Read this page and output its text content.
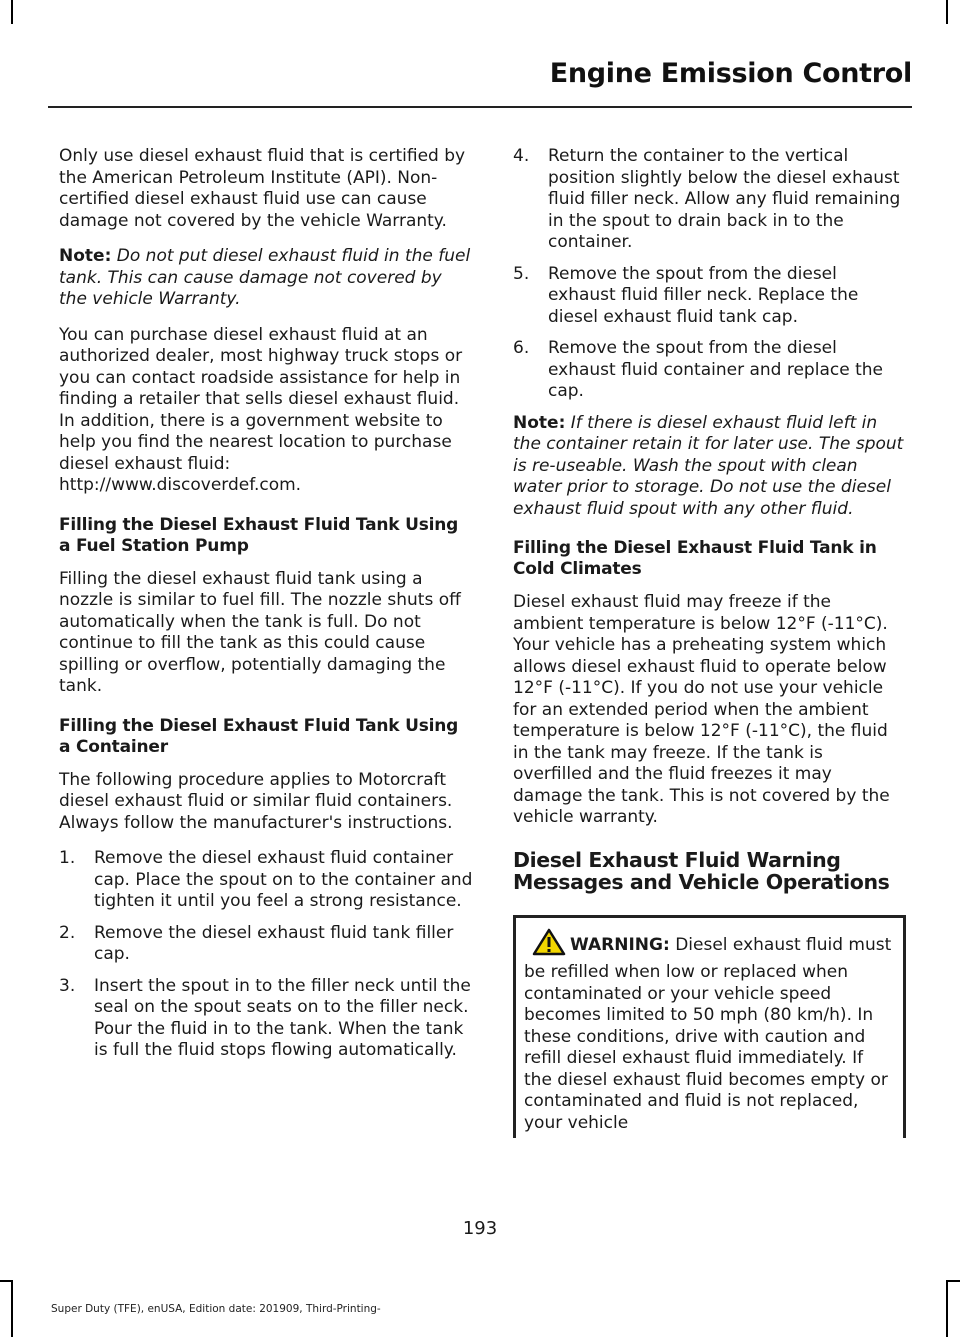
Engine Emission Control

Only use diesel exhaust fluid that is certified by the American Petroleum Institute (API). Non-certified diesel exhaust fluid use can cause damage not covered by the vehicle Warranty.

Note: Do not put diesel exhaust fluid in the fuel tank. This can cause damage not covered by the vehicle Warranty.

You can purchase diesel exhaust fluid at an authorized dealer, most highway truck stops or you can contact roadside assistance for help in finding a retailer that sells diesel exhaust fluid. In addition, there is a government website to help you find the nearest location to purchase diesel exhaust fluid:
http://www.discoverdef.com.

Filling the Diesel Exhaust Fluid Tank Using a Fuel Station Pump

Filling the diesel exhaust fluid tank using a nozzle is similar to fuel fill. The nozzle shuts off automatically when the tank is full. Do not continue to fill the tank as this could cause spilling or overflow, potentially damaging the tank.

Filling the Diesel Exhaust Fluid Tank Using a Container

The following procedure applies to Motorcraft diesel exhaust fluid or similar fluid containers. Always follow the manufacturer's instructions.

1.	Remove the diesel exhaust fluid container cap. Place the spout on to the container and tighten it until you feel a strong resistance.
2.	Remove the diesel exhaust fluid tank filler cap.
3.	Insert the spout in to the filler neck until the seal on the spout seats on to the filler neck. Pour the fluid in to the tank. When the tank is full the fluid stops flowing automatically.
4.	Return the container to the vertical position slightly below the diesel exhaust fluid filler neck. Allow any fluid remaining in the spout to drain back in to the container.
5.	Remove the spout from the diesel exhaust fluid filler neck. Replace the diesel exhaust fluid tank cap.
6.	Remove the spout from the diesel exhaust fluid container and replace the cap.

Note: If there is diesel exhaust fluid left in the container retain it for later use. The spout is re-useable. Wash the spout with clean water prior to storage. Do not use the diesel exhaust fluid spout with any other fluid.

Filling the Diesel Exhaust Fluid Tank in Cold Climates

Diesel exhaust fluid may freeze if the ambient temperature is below 12°F (-11°C). Your vehicle has a preheating system which allows diesel exhaust fluid to operate below 12°F (-11°C). If you do not use your vehicle for an extended period when the ambient temperature is below 12°F (-11°C), the fluid in the tank may freeze. If the tank is overfilled and the fluid freezes it may damage the tank. This is not covered by the vehicle warranty.

Diesel Exhaust Fluid Warning Messages and Vehicle Operations
WARNING: Diesel exhaust fluid must be refilled when low or replaced when contaminated or your vehicle speed becomes limited to 50 mph (80 km/h). In these conditions, drive with caution and refill diesel exhaust fluid immediately. If the diesel exhaust fluid becomes empty or contaminated and fluid is not replaced, your vehicle
193
Super Duty (TFE), enUSA, Edition date: 201909, Third-Printing-
